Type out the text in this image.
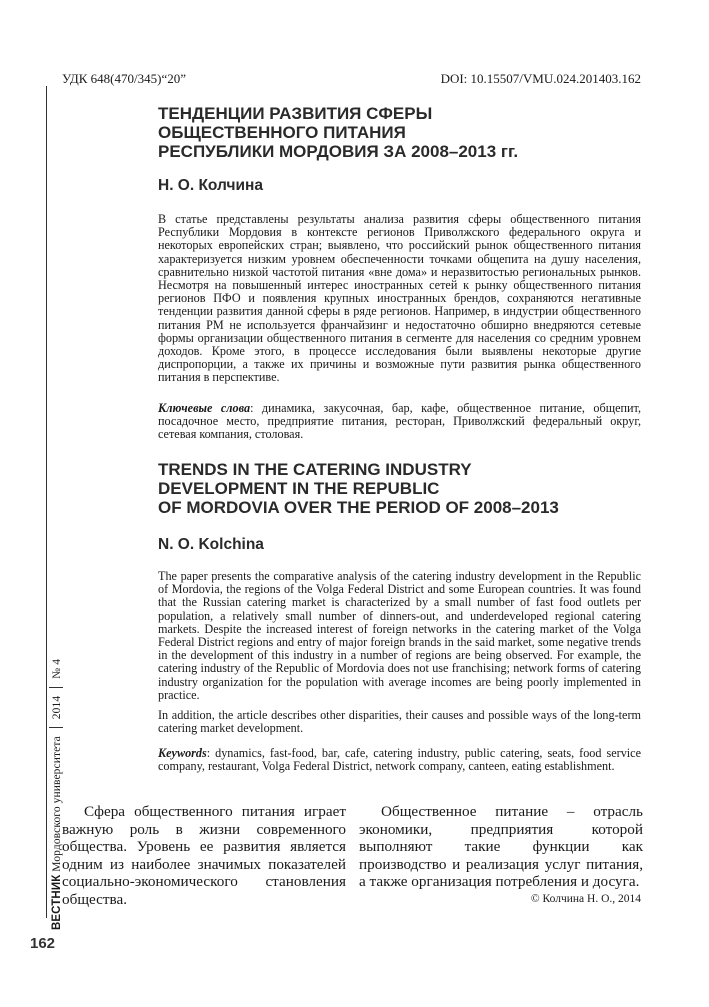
УДК 648(470/345)“20”	DOI: 10.15507/VMU.024.201403.162
ВЕСТНИК Мордовского университета  2014  № 4
162
ТЕНДЕНЦИИ РАЗВИТИЯ СФЕРЫ
ОБЩЕСТВЕННОГО ПИТАНИЯ
РЕСПУБЛИКИ МОРДОВИЯ ЗА 2008–2013 гг.
Н. О. Колчина

В статье представлены результаты анализа развития сферы общественного питания Республики Мордовия в контексте регионов Приволжского федерального округа и некоторых европейских стран; выявлено, что российский рынок общественного питания характеризуется низким уровнем обеспеченности точками общепита на душу населения, сравнительно низкой частотой питания «вне дома» и неразвитостью региональных рынков. Несмотря на повышенный интерес иностранных сетей к рынку общественного питания регионов ПФО и появления крупных иностранных брендов, сохраняются негативные тенденции развития данной сферы в ряде регионов. Например, в индустрии общественного питания РМ не используется франчайзинг и недостаточно обширно внедряются сетевые формы организации общественного питания в сегменте для населения со средним уровнем доходов. Кроме этого, в процессе исследования были выявлены некоторые другие диспропорции, а также их причины и возможные пути развития рынка общественного питания в перспективе.

Ключевые слова: динамика, закусочная, бар, кафе, общественное питание, общепит, посадочное место, предприятие питания, ресторан, Приволжский федеральный округ, сетевая компания, столовая.

TRENDS IN THE CATERING INDUSTRY
DEVELOPMENT IN THE REPUBLIC
OF MORDOVIA OVER THE PERIOD OF 2008–2013
N. O. Kolchina

The paper presents the comparative analysis of the catering industry development in the Republic of Mordovia, the regions of the Volga Federal District and some European countries. It was found that the Russian catering market is characterized by a small number of fast food outlets per population, a relatively small number of dinners-out, and underdeveloped regional catering markets. Despite the increased interest of foreign networks in the catering market of the Volga Federal District regions and entry of major foreign brands in the said market, some negative trends in the development of this industry in a number of regions are being observed. For example, the catering industry of the Republic of Mordovia does not use franchising; network forms of catering industry organization for the population with average incomes are being poorly implemented in practice.

In addition, the article describes other disparities, their causes and possible ways of the long-term catering market development.

Keywords: dynamics, fast-food, bar, cafe, catering industry, public catering, seats, food service company, restaurant, Volga Federal District, network company, canteen, eating establishment.

Сфера общественного питания играет важную роль в жизни современного общества. Уровень ее развития является одним из наиболее значимых показателей социально-экономического становления общества.

Общественное питание – отрасль экономики, предприятия которой выполняют такие функции как производство и реализация услуг питания, а также организация потребления и досуга.

© Колчина Н. О., 2014
